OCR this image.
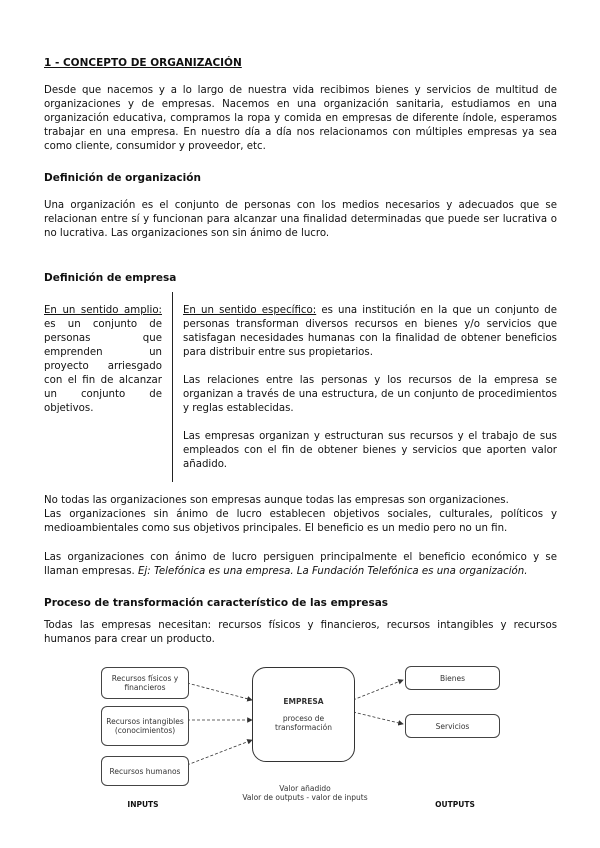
1 - CONCEPTO DE ORGANIZACIÓN

Desde que nacemos y a lo largo de nuestra vida recibimos bienes y servicios de multitud de organizaciones y de empresas. Nacemos en una organización sanitaria, estudiamos en una organización educativa, compramos la ropa y comida en empresas de diferente índole, esperamos trabajar en una empresa. En nuestro día a día nos relacionamos con múltiples empresas ya sea como cliente, consumidor y proveedor, etc.

Definición de organización

Una organización es el conjunto de personas con los medios necesarios y adecuados que se relacionan entre sí y funcionan para alcanzar una finalidad determinadas que puede ser lucrativa o no lucrativa. Las organizaciones son sin ánimo de lucro.

Definición de empresa
En un sentido amplio: es un conjunto de personas que emprenden un proyecto arriesgado con el fin de alcanzar un conjunto de objetivos.

En un sentido específico: es una institución en la que un conjunto de personas transforman diversos recursos en bienes y/o servicios que satisfagan necesidades humanas con la finalidad de obtener beneficios para distribuir entre sus propietarios.

Las relaciones entre las personas y los recursos de la empresa se organizan a través de una estructura, de un conjunto de procedimientos y reglas establecidas.

Las empresas organizan y estructuran sus recursos y el trabajo de sus empleados con el fin de obtener bienes y servicios que aporten valor añadido.

No todas las organizaciones son empresas aunque todas las empresas son organizaciones.

Las organizaciones sin ánimo de lucro establecen objetivos sociales, culturales, políticos y medioambientales como sus objetivos principales. El beneficio es un medio pero no un fin.

Las organizaciones con ánimo de lucro persiguen principalmente el beneficio económico y se llaman empresas. Ej: Telefónica es una empresa. La Fundación Telefónica es una organización.

Proceso de transformación característico de las empresas

Todas las empresas necesitan: recursos físicos y financieros, recursos intangibles y recursos humanos para crear un producto.

Recursos físicos y financieros
Recursos intangibles (conocimientos)
Recursos humanos
EMPRESA
proceso de transformación
Bienes
Servicios
INPUTS
Valor añadido
Valor de outputs - valor de inputs
OUTPUTS
